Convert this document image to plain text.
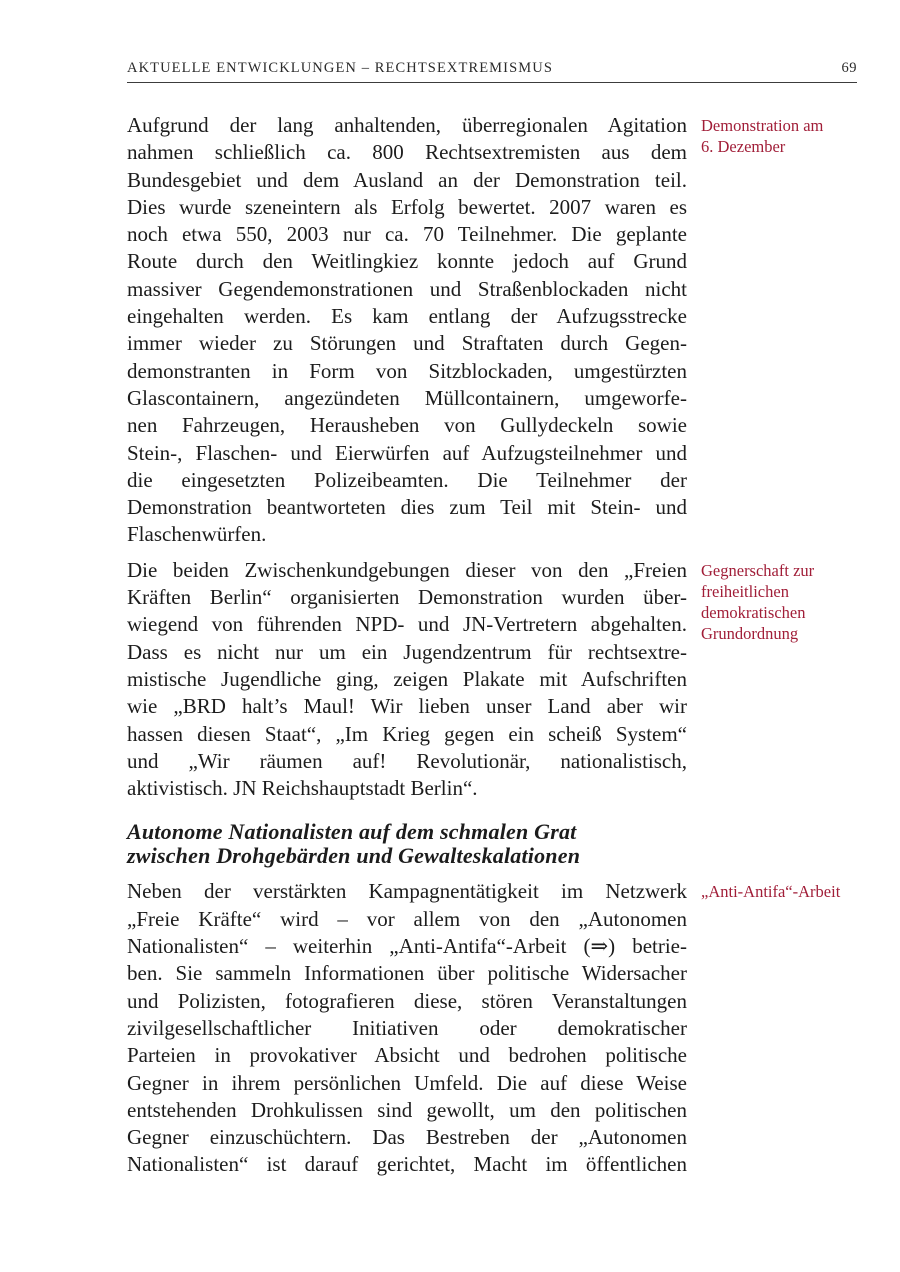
AKTUELLE ENTWICKLUNGEN – RECHTSEXTREMISMUS	69
Aufgrund der lang anhaltenden, überregionalen Agitation
nahmen schließlich ca. 800 Rechtsextremisten aus dem
Bundesgebiet und dem Ausland an der Demonstration teil.
Dies wurde szeneintern als Erfolg bewertet. 2007 waren es
noch etwa 550, 2003 nur ca. 70 Teilnehmer. Die geplante
Route durch den Weitlingkiez konnte jedoch auf Grund
massiver Gegendemonstrationen und Straßenblockaden nicht
eingehalten werden. Es kam entlang der Aufzugsstrecke
immer wieder zu Störungen und Straftaten durch Gegen-
demonstranten in Form von Sitzblockaden, umgestürzten
Glascontainern, angezündeten Müllcontainern, umgeworfe-
nen Fahrzeugen, Herausheben von Gullydeckeln sowie
Stein-, Flaschen- und Eierwürfen auf Aufzugsteilnehmer und
die eingesetzten Polizeibeamten. Die Teilnehmer der
Demonstration beantworteten dies zum Teil mit Stein- und
Flaschenwürfen.
Demonstration am
6. Dezember
Die beiden Zwischenkundgebungen dieser von den „Freien
Kräften Berlin“ organisierten Demonstration wurden über-
wiegend von führenden NPD- und JN-Vertretern abgehalten.
Dass es nicht nur um ein Jugendzentrum für rechtsextre-
mistische Jugendliche ging, zeigen Plakate mit Aufschriften
wie „BRD halt’s Maul! Wir lieben unser Land aber wir
hassen diesen Staat“, „Im Krieg gegen ein scheiß System“
und „Wir räumen auf! Revolutionär, nationalistisch,
aktivistisch. JN Reichshauptstadt Berlin“.
Gegnerschaft zur
freiheitlichen
demokratischen
Grundordnung
Autonome Nationalisten auf dem schmalen Grat
zwischen Drohgebärden und Gewalteskalationen
Neben der verstärkten Kampagnentätigkeit im Netzwerk
„Freie Kräfte“ wird – vor allem von den „Autonomen
Nationalisten“ – weiterhin „Anti-Antifa“-Arbeit (⇒) betrie-
ben. Sie sammeln Informationen über politische Widersacher
und Polizisten, fotografieren diese, stören Veranstaltungen
zivilgesellschaftlicher Initiativen oder demokratischer
Parteien in provokativer Absicht und bedrohen politische
Gegner in ihrem persönlichen Umfeld. Die auf diese Weise
entstehenden Drohkulissen sind gewollt, um den politischen
Gegner einzuschüchtern. Das Bestreben der „Autonomen
Nationalisten“ ist darauf gerichtet, Macht im öffentlichen
„Anti-Antifa“-Arbeit
